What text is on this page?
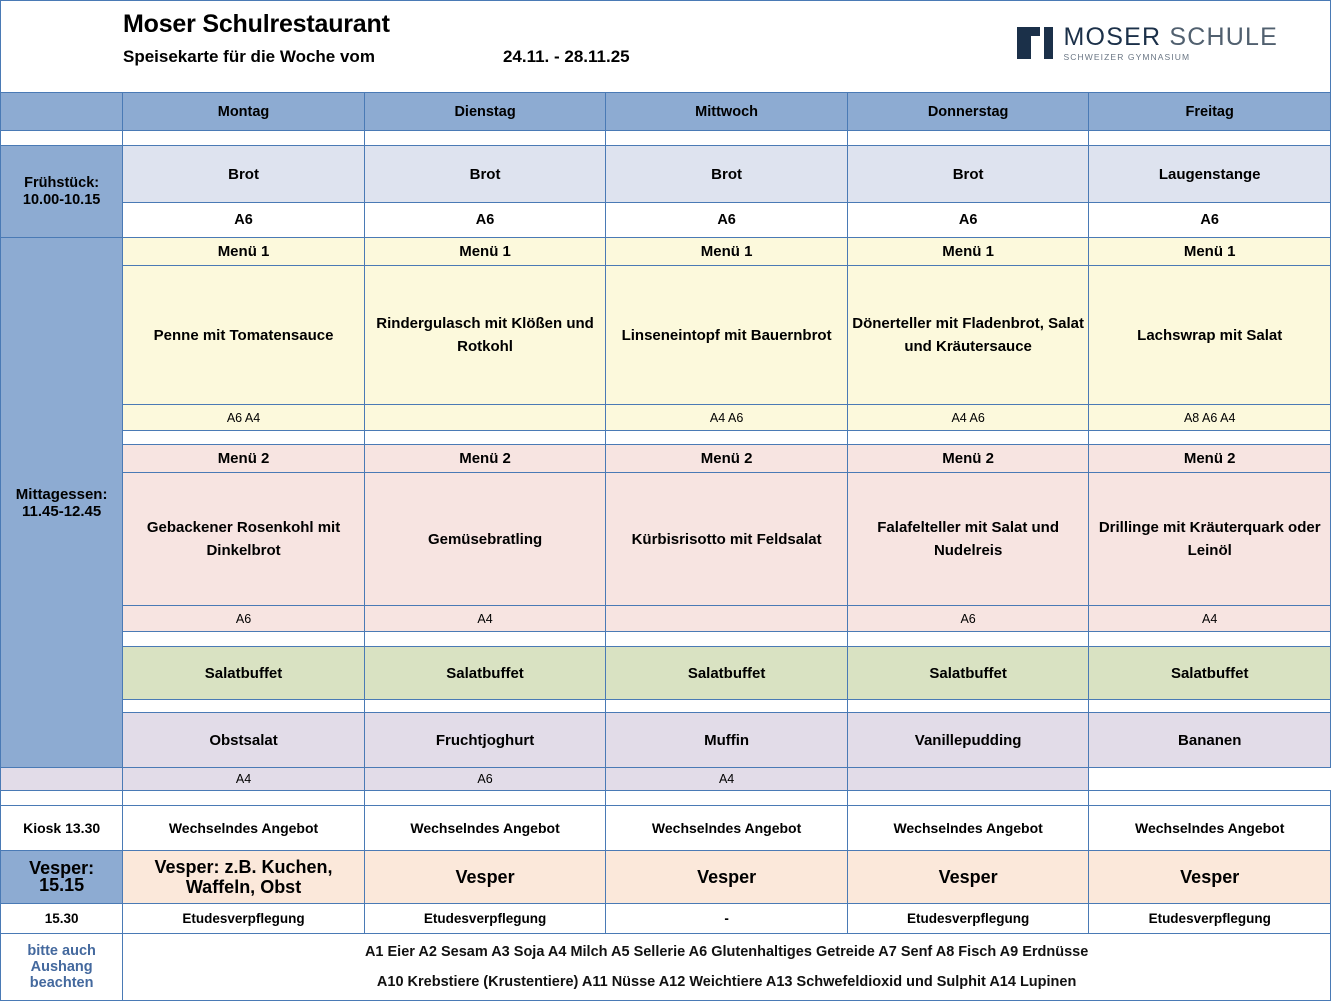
Moser Schulrestaurant
Speisekarte für die Woche vom	24.11. - 28.11.25
MOSER SCHULE
SCHWEIZER GYMNASIUM
	Montag	Dienstag	Mittwoch	Donnerstag	Freitag

Frühstück:
10.00-10.15	Brot	Brot	Brot	Brot	Laugenstange
	A6	A6	A6	A6	A6

Mittagessen:
11.45-12.45	Menü 1	Menü 1	Menü 1	Menü 1	Menü 1
	Penne mit Tomatensauce	Rindergulasch mit Klößen und Rotkohl	Linseneintopf mit Bauernbrot	Dönerteller mit Fladenbrot, Salat und Kräutersauce	Lachswrap mit Salat
	A6 A4		A4 A6	A4 A6	A8 A6 A4

	Menü 2	Menü 2	Menü 2	Menü 2	Menü 2
	Gebackener Rosenkohl mit Dinkelbrot	Gemüsebratling	Kürbisrisotto mit Feldsalat	Falafelteller mit Salat und Nudelreis	Drillinge mit Kräuterquark oder Leinöl
	A6	A4		A6	A4

	Salatbuffet	Salatbuffet	Salatbuffet	Salatbuffet	Salatbuffet

	Obstsalat	Fruchtjoghurt	Muffin	Vanillepudding	Bananen
	A4	A6	A4		

Kiosk 13.30	Wechselndes Angebot	Wechselndes Angebot	Wechselndes Angebot	Wechselndes Angebot	Wechselndes Angebot

Vesper:
15.15	Vesper: z.B. Kuchen, Waffeln, Obst	Vesper	Vesper	Vesper	Vesper
15.30	Etudesverpflegung	Etudesverpflegung	-	Etudesverpflegung	Etudesverpflegung
bitte auch Aushang beachten	A1 Eier A2 Sesam A3 Soja A4 Milch A5 Sellerie A6 Glutenhaltiges Getreide A7 Senf A8 Fisch A9 Erdnüsse
A10 Krebstiere (Krustentiere) A11 Nüsse A12 Weichtiere A13 Schwefeldioxid und Sulphit A14 Lupinen				
